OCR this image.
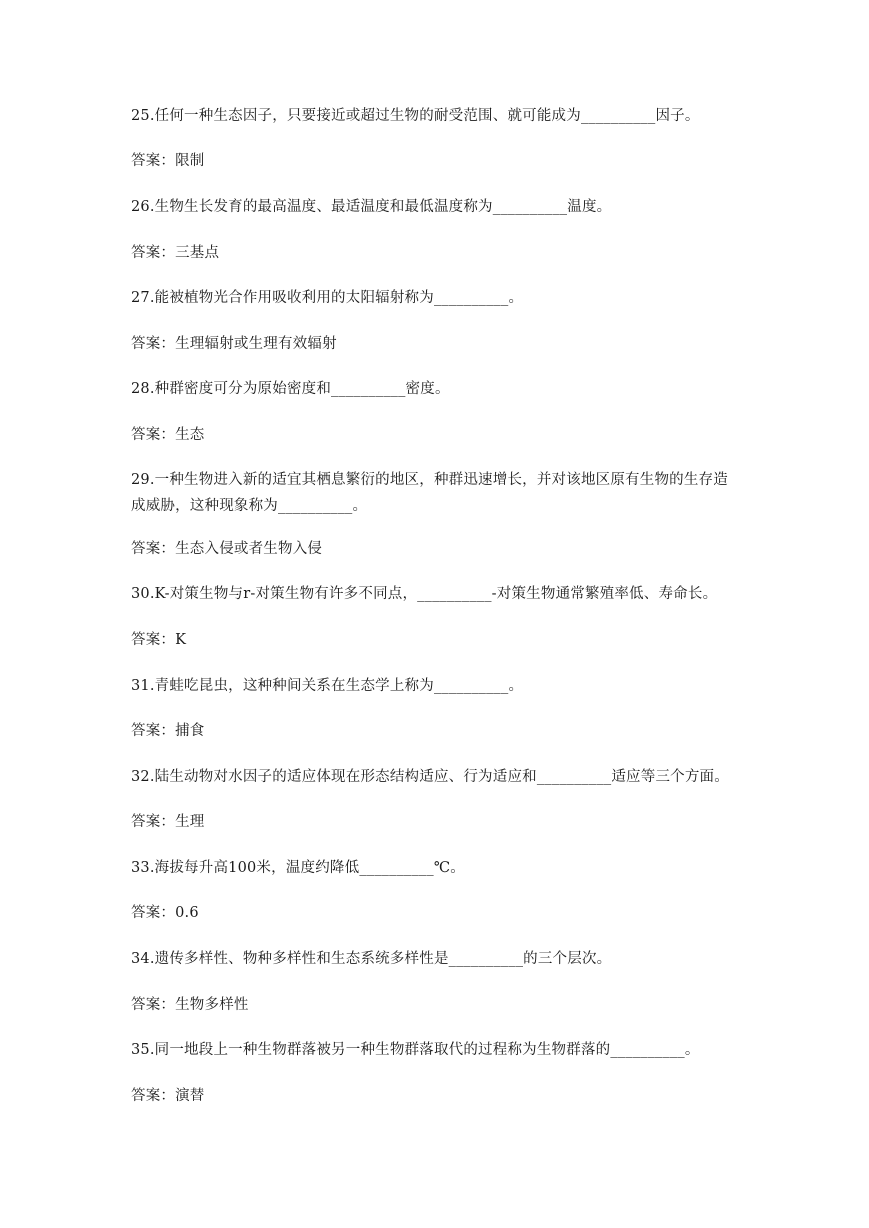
25.任何一种生态因子，只要接近或超过生物的耐受范围、就可能成为__________因子。
答案：限制
26.生物生长发育的最高温度、最适温度和最低温度称为__________温度。
答案：三基点
27.能被植物光合作用吸收利用的太阳辐射称为__________。
答案：生理辐射或生理有效辐射
28.种群密度可分为原始密度和__________密度。
答案：生态
29.一种生物进入新的适宜其栖息繁衍的地区，种群迅速增长，并对该地区原有生物的生存造成威胁，这种现象称为__________。
答案：生态入侵或者生物入侵
30.K-对策生物与r-对策生物有许多不同点，__________-对策生物通常繁殖率低、寿命长。
答案：K
31.青蛙吃昆虫，这种种间关系在生态学上称为__________。
答案：捕食
32.陆生动物对水因子的适应体现在形态结构适应、行为适应和__________适应等三个方面。
答案：生理
33.海拔每升高100米，温度约降低__________℃。
答案：0.6
34.遗传多样性、物种多样性和生态系统多样性是__________的三个层次。
答案：生物多样性
35.同一地段上一种生物群落被另一种生物群落取代的过程称为生物群落的__________。
答案：演替
